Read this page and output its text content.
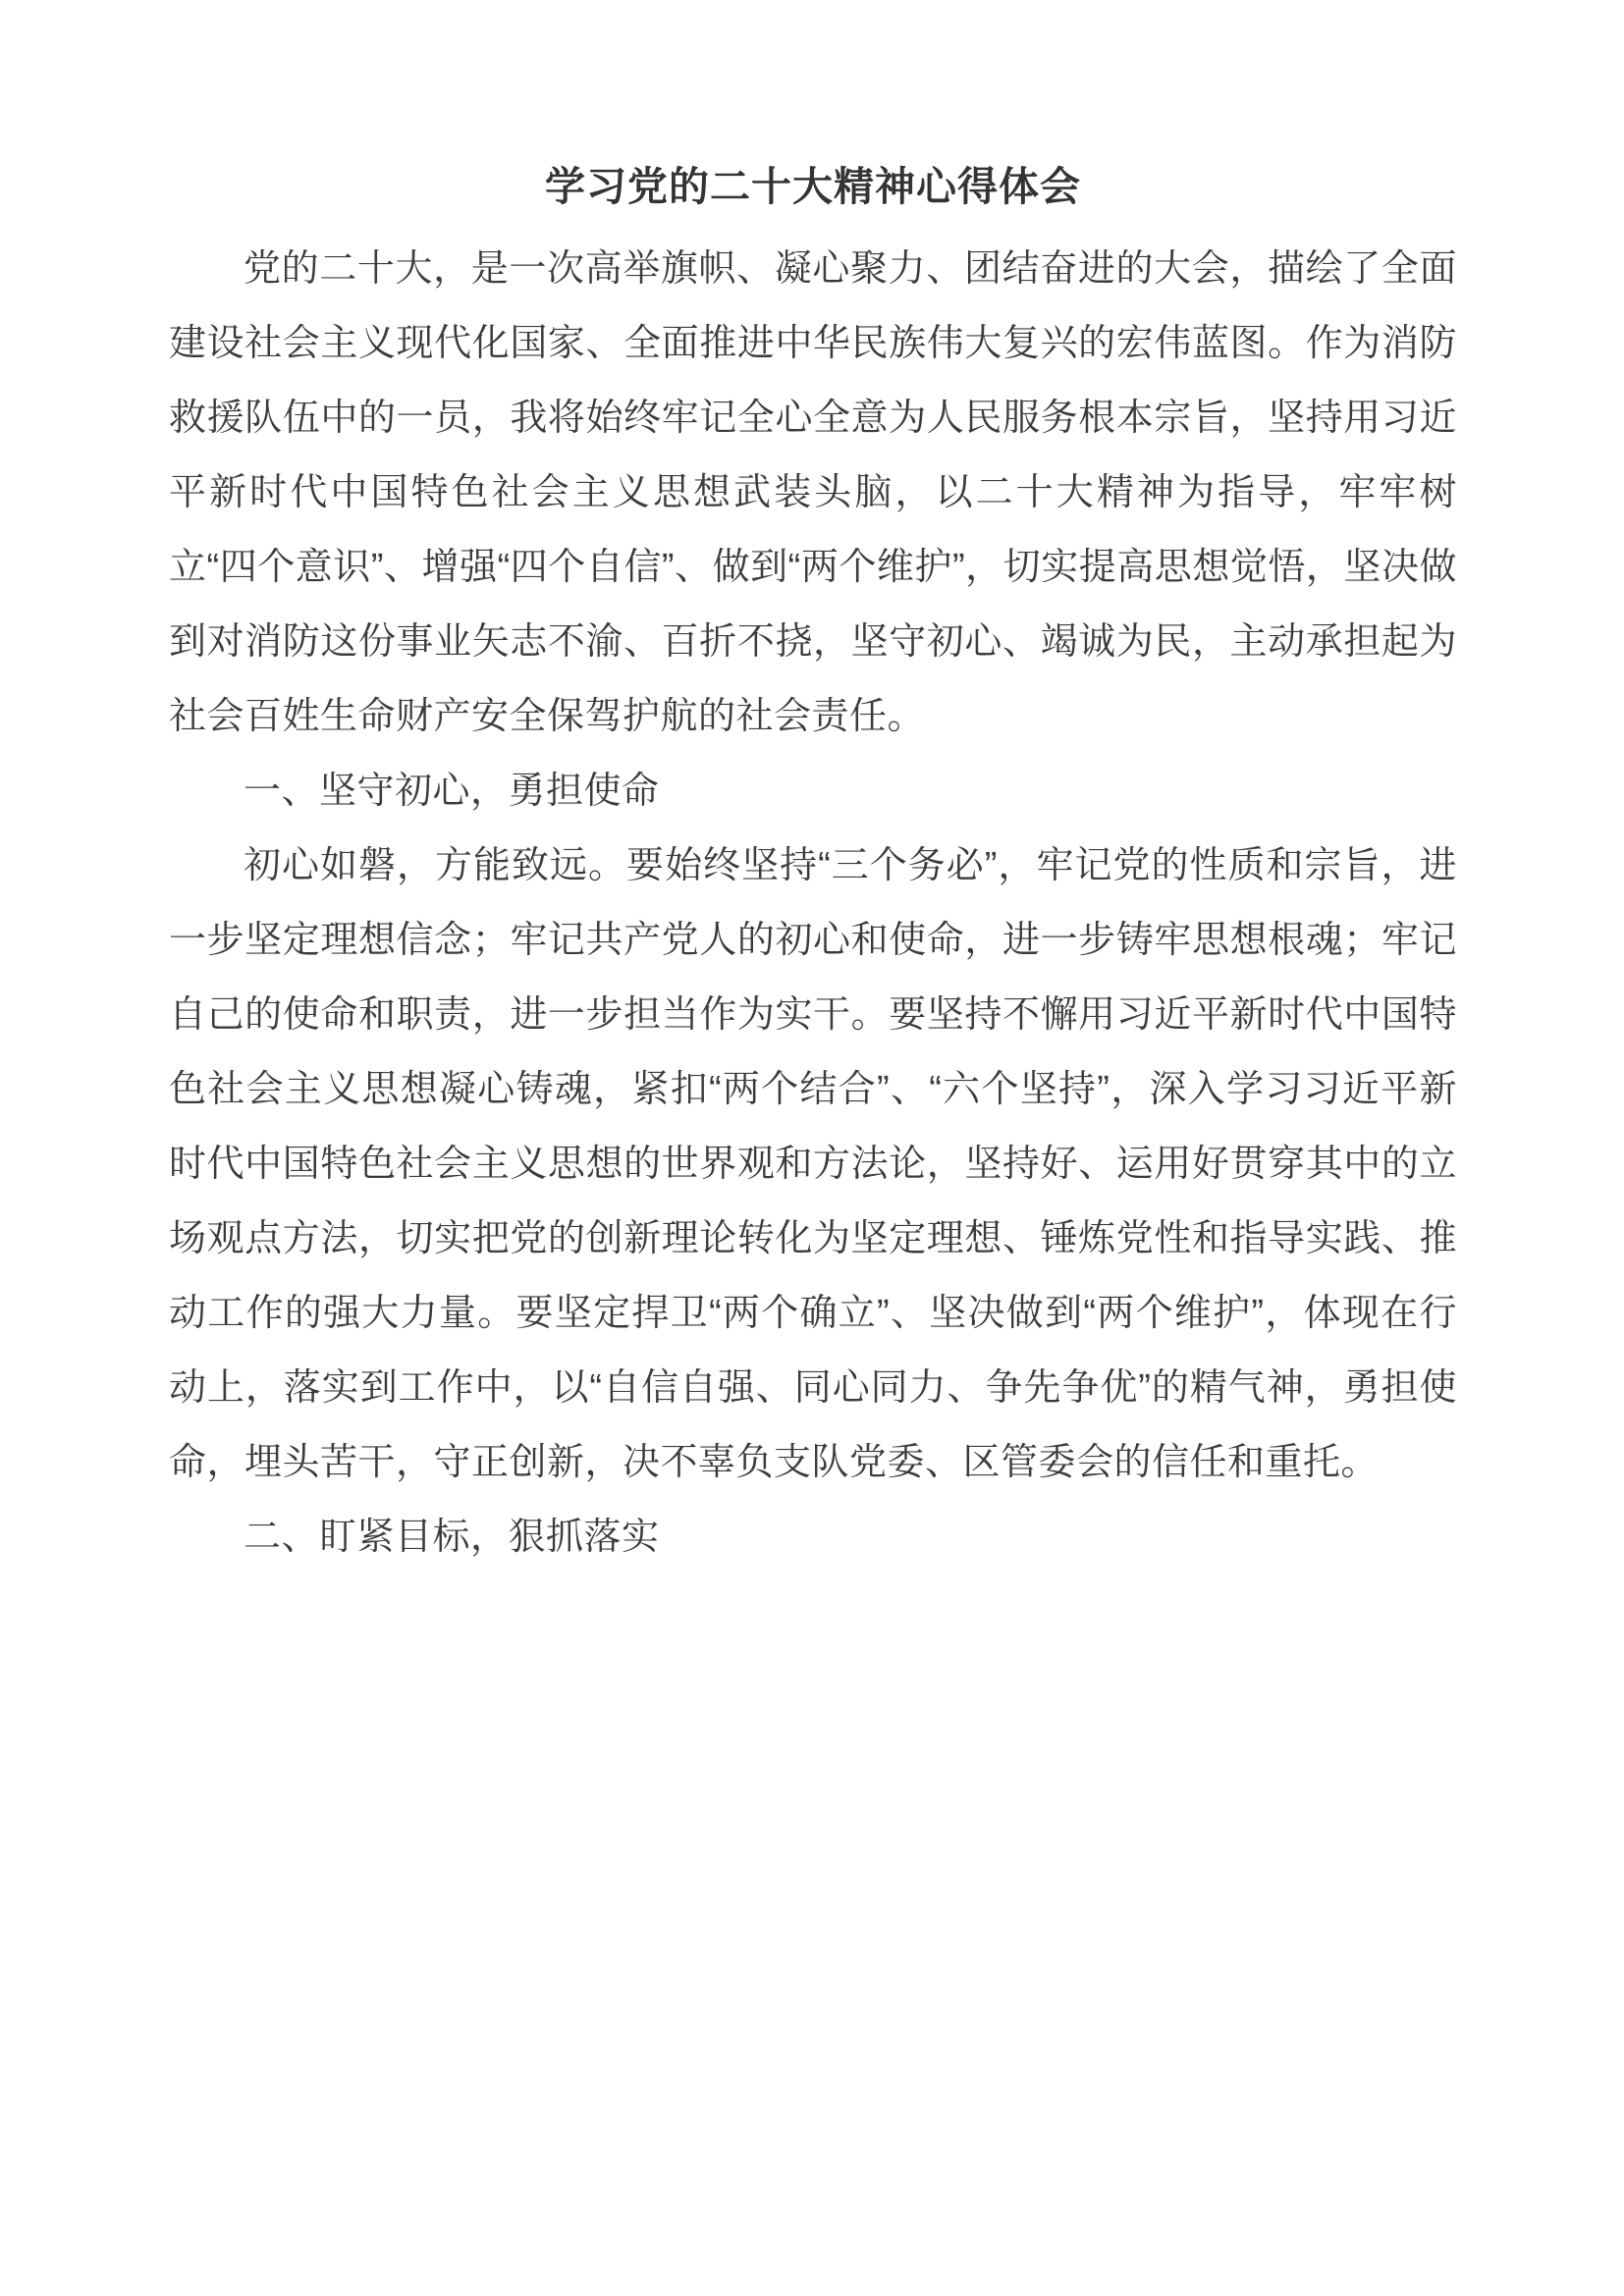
学习党的二十大精神心得体会

党的二十大，是一次高举旗帜、凝心聚力、团结奋进的大会，描绘了全面建设社会主义现代化国家、全面推进中华民族伟大复兴的宏伟蓝图。作为消防救援队伍中的一员，我将始终牢记全心全意为人民服务根本宗旨，坚持用习近平新时代中国特色社会主义思想武装头脑，以二十大精神为指导，牢牢树立“四个意识”、增强“四个自信”、做到“两个维护”，切实提高思想觉悟，坚决做到对消防这份事业矢志不渝、百折不挠，坚守初心、竭诚为民，主动承担起为社会百姓生命财产安全保驾护航的社会责任。

一、坚守初心，勇担使命

初心如磐，方能致远。要始终坚持“三个务必”，牢记党的性质和宗旨，进一步坚定理想信念；牢记共产党人的初心和使命，进一步铸牢思想根魂；牢记自己的使命和职责，进一步担当作为实干。要坚持不懈用习近平新时代中国特色社会主义思想凝心铸魂，紧扣“两个结合”、“六个坚持”，深入学习习近平新时代中国特色社会主义思想的世界观和方法论，坚持好、运用好贯穿其中的立场观点方法，切实把党的创新理论转化为坚定理想、锤炼党性和指导实践、推动工作的强大力量。要坚定捍卫“两个确立”、坚决做到“两个维护”，体现在行动上，落实到工作中，以“自信自强、同心同力、争先争优”的精气神，勇担使命，埋头苦干，守正创新，决不辜负支队党委、区管委会的信任和重托。

二、盯紧目标，狠抓落实
